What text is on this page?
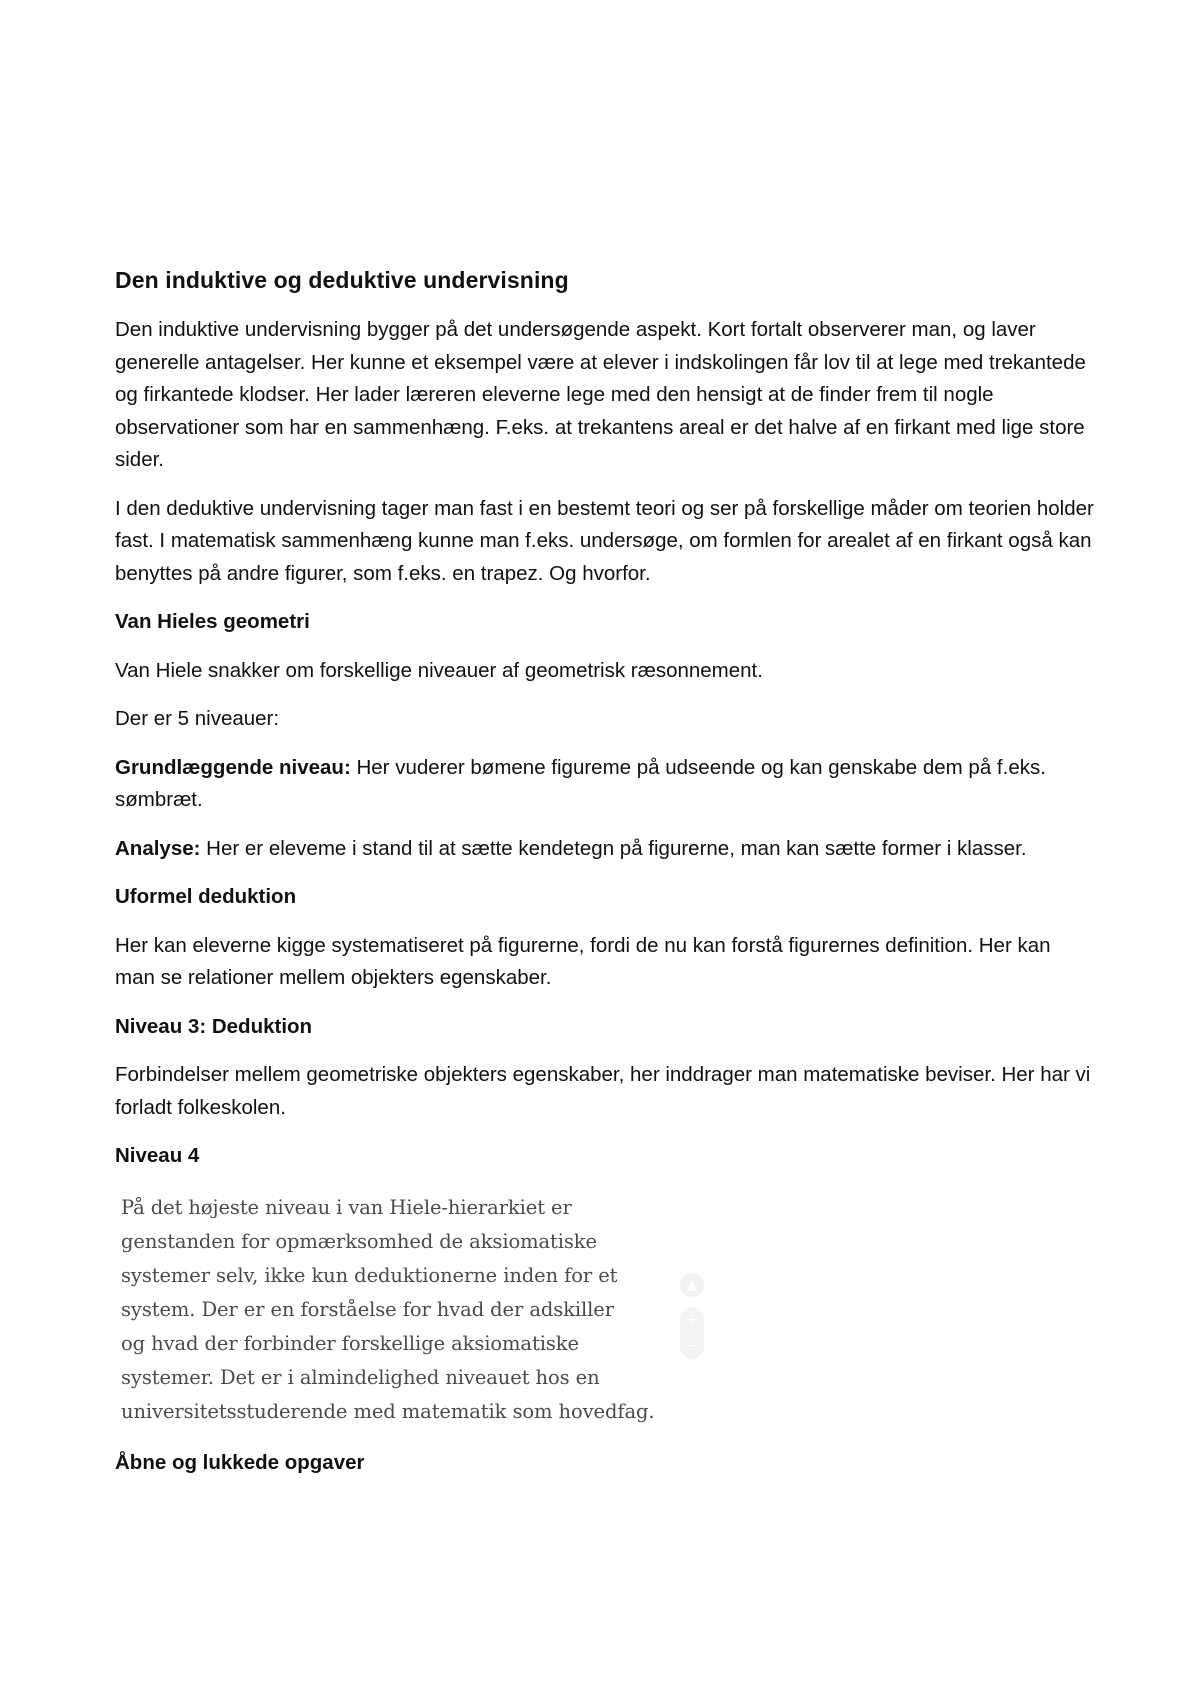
Den induktive og deduktive undervisning

Den induktive undervisning bygger på det undersøgende aspekt. Kort fortalt observerer man, og laver generelle antagelser. Her kunne et eksempel være at elever i indskolingen får lov til at lege med trekantede og firkantede klodser. Her lader læreren eleverne lege med den hensigt at de finder frem til nogle observationer som har en sammenhæng. F.eks. at trekantens areal er det halve af en firkant med lige store sider.

I den deduktive undervisning tager man fast i en bestemt teori og ser på forskellige måder om teorien holder fast. I matematisk sammenhæng kunne man f.eks. undersøge, om formlen for arealet af en firkant også kan benyttes på andre figurer, som f.eks. en trapez. Og hvorfor.

Van Hieles geometri

Van Hiele snakker om forskellige niveauer af geometrisk ræsonnement.

Der er 5 niveauer:

Grundlæggende niveau: Her vuderer bømene figureme på udseende og kan genskabe dem på f.eks. sømbræt.

Analyse: Her er eleveme i stand til at sætte kendetegn på figurerne, man kan sætte former i klasser.

Uformel deduktion

Her kan eleverne kigge systematiseret på figurerne, fordi de nu kan forstå figurernes definition. Her kan man se relationer mellem objekters egenskaber.

Niveau 3: Deduktion

Forbindelser mellem geometriske objekters egenskaber, her inddrager man matematiske beviser. Her har vi forladt folkeskolen.

Niveau 4

På det højeste niveau i van Hiele-hierarkiet er
genstanden for opmærksomhed de aksiomatiske
systemer selv, ikke kun deduktionerne inden for et
system. Der er en forståelse for hvad der adskiller
og hvad der forbinder forskellige aksiomatiske
systemer. Det er i almindelighed niveauet hos en
universitetsstuderende med matematik som hovedfag.
▲
+
−

Åbne og lukkede opgaver
